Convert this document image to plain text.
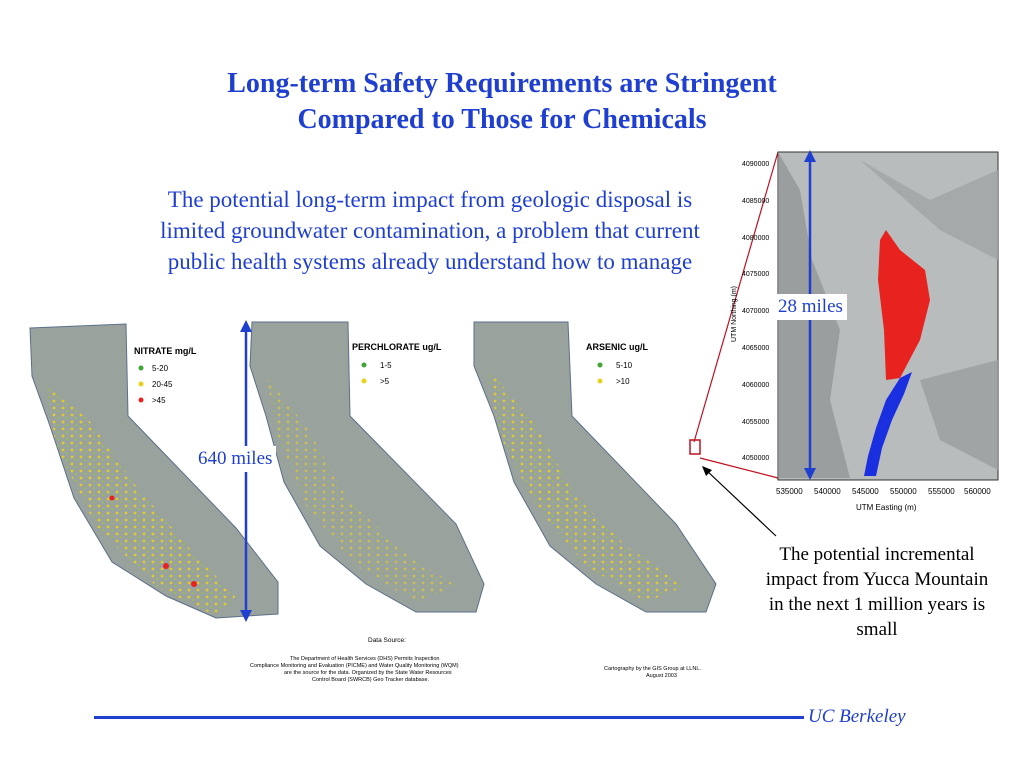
Long-term Safety Requirements are Stringent
Compared to Those for Chemicals
NITRATE mg/L
5-20
20-45
>45
PERCHLORATE ug/L
1-5
>5
ARSENIC ug/L
5-10
>10
Data Source:
The Department of Health Services (DHS) Permits Inspection
Compliance Monitoring and Evaluation (PICME) and Water Quality Monitoring (WQM)
are the source for the data. Organized by the State Water Resources
Control Board (SWRCB) Geo Tracker database.
Cartography by the GIS Group at LLNL.
August 2003
640 miles
The potential long-term impact from geologic disposal is limited groundwater contamination, a problem that current public health systems already understand how to manage
4090000
4085000
4080000
4075000
4070000
4065000
4060000
4055000
4050000
535000 540000 545000 550000 555000 560000
UTM Easting (m)
UTM Northing (m) 28 miles
The potential incremental impact from Yucca Mountain in the next 1 million years is small
UC Berkeley
